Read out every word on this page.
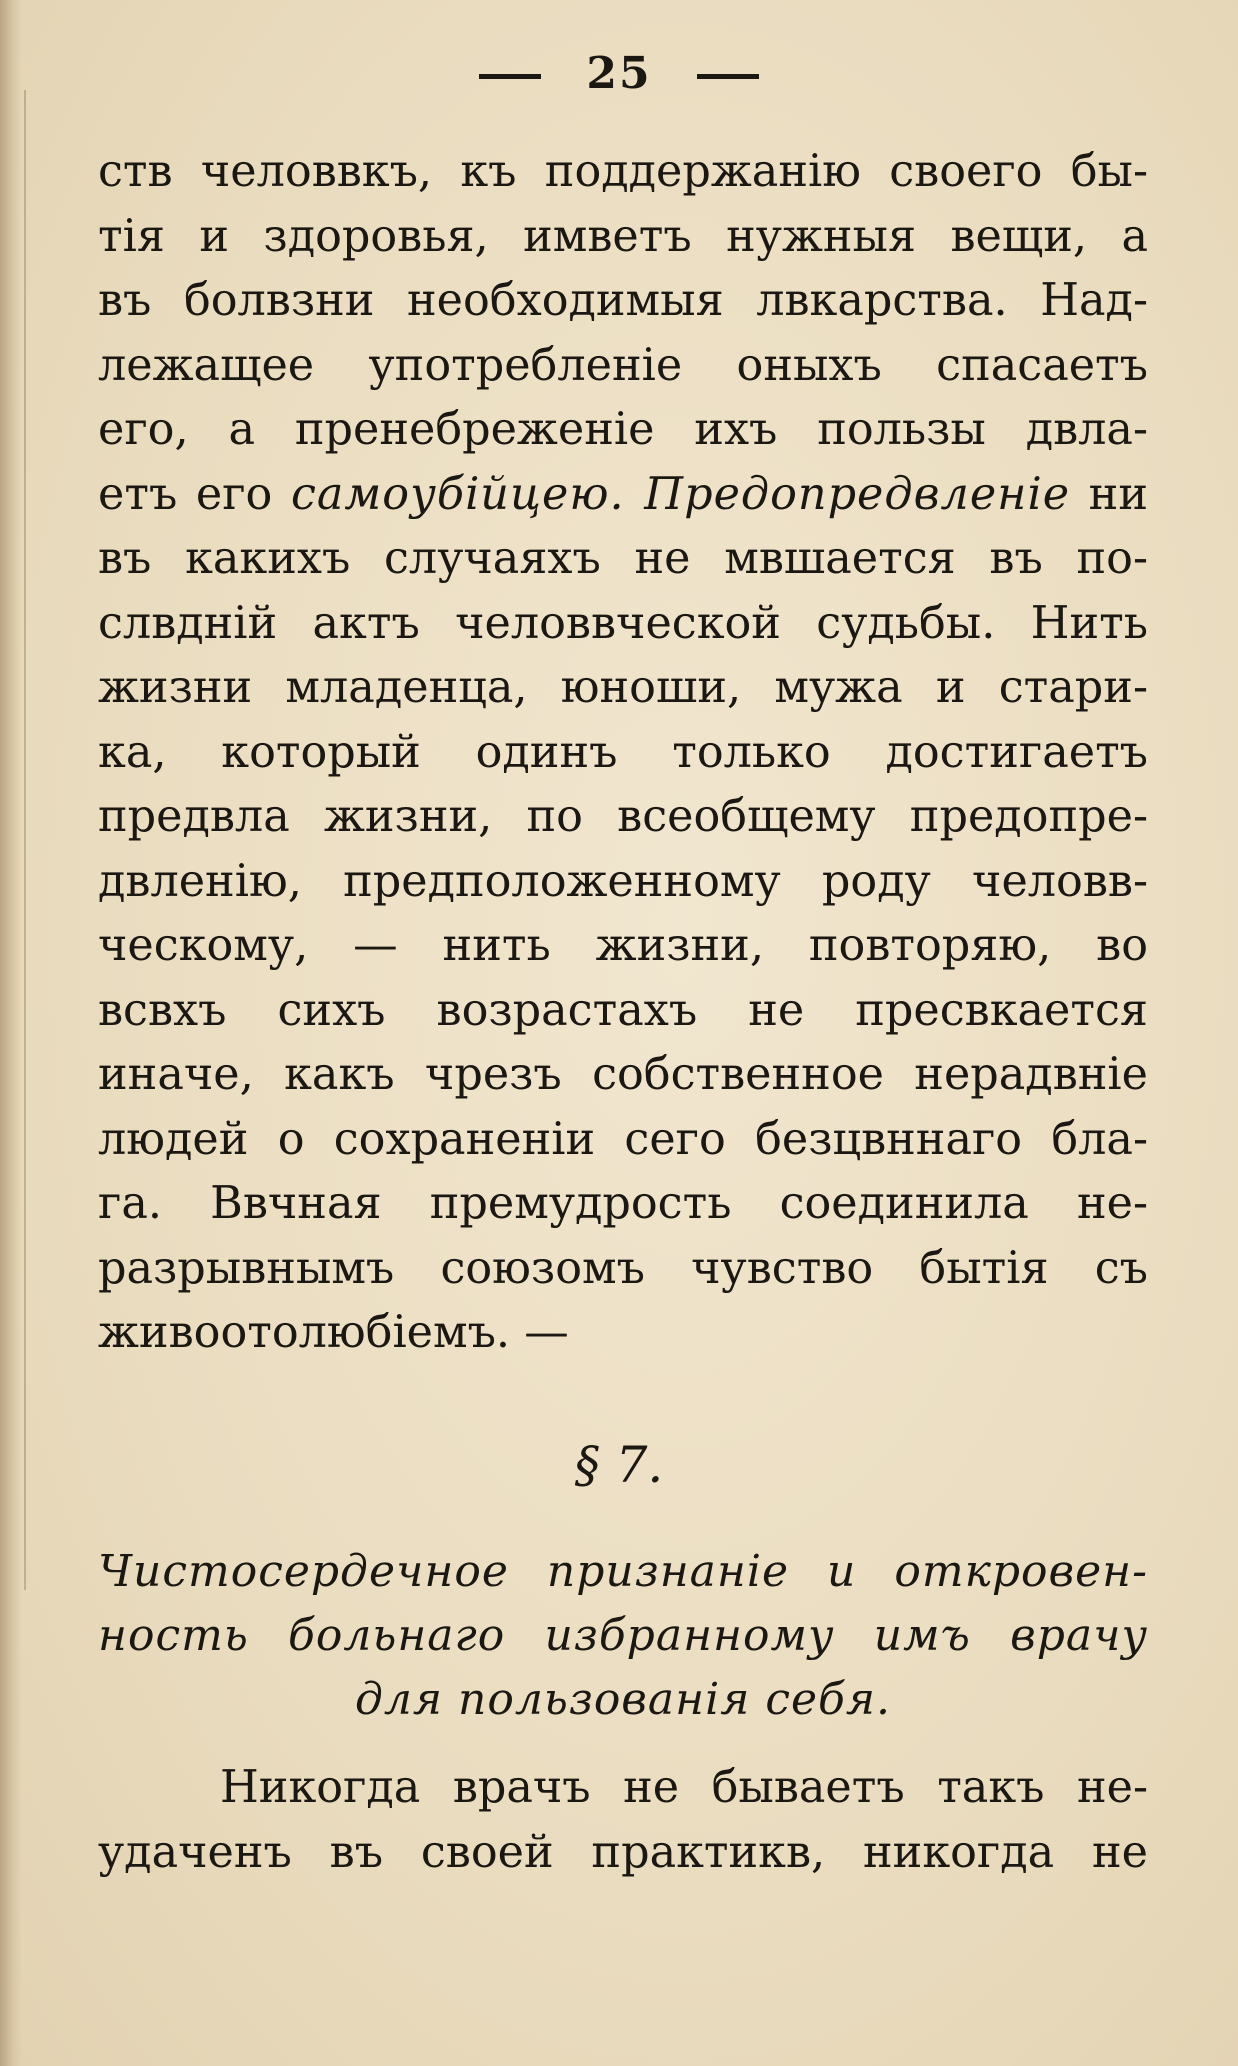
25
ств человвкъ, къ поддержанію своего бы-
тія и здоровья, имветъ нужныя вещи, а
въ болвзни необходимыя лвкарства. Над-
лежащее употребленіе оныхъ спасаетъ
его, а пренебреженіе ихъ пользы двла-
етъ его самоубійцею. Предопредвленіе ни
въ какихъ случаяхъ не мвшается въ по-
слвдній актъ человвческой судьбы. Нить
жизни младенца, юноши, мужа и стари-
ка, который одинъ только достигаетъ
предвла жизни, по всеобщему предопре-
двленію, предположенному роду человв-
ческому, — нить жизни, повторяю, во
всвхъ сихъ возрастахъ не пресвкается
иначе, какъ чрезъ собственное нерадвніе
людей о сохраненіи сего безцвннаго бла-
га. Ввчная премудрость соединила не-
разрывнымъ союзомъ чувство бытія съ
живоотолюбіемъ. —
§ 7.
Чистосердечное признаніе и откровен-
ность больнаго избранному имъ врачу
для пользованія себя.
Никогда врачъ не бываетъ такъ не-
удаченъ въ своей практикв, никогда не
